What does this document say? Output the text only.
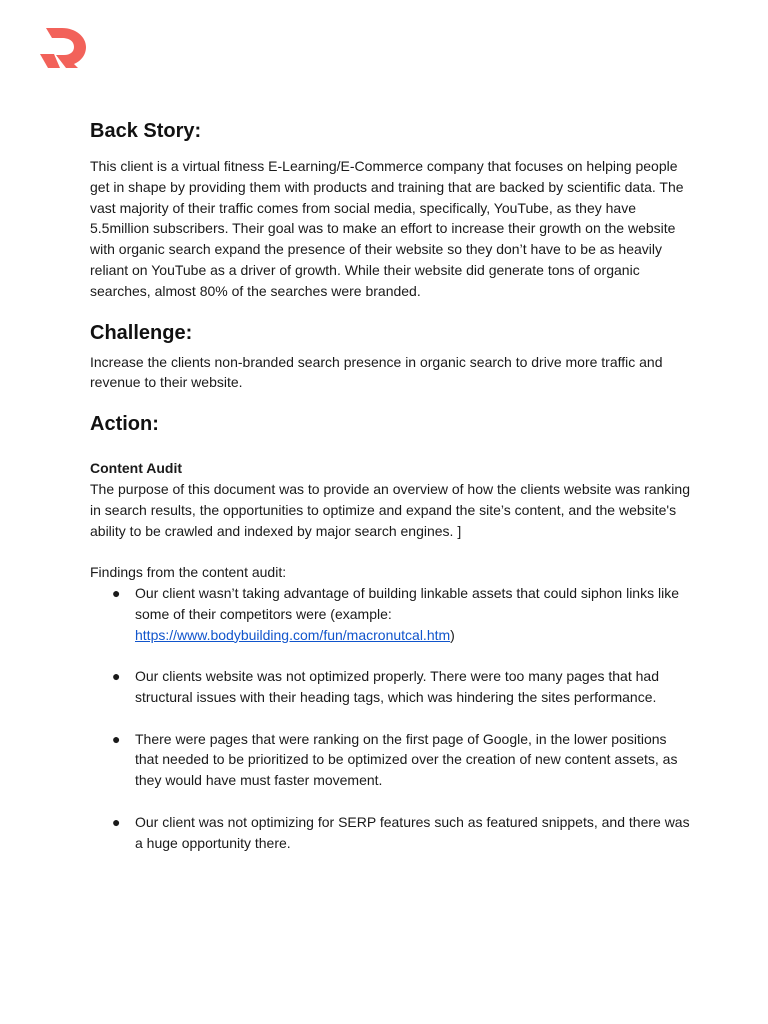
Back Story:

This client is a virtual fitness E-Learning/E-Commerce company that focuses on helping people get in shape by providing them with products and training that are backed by scientific data. The vast majority of their traffic comes from social media, specifically, YouTube, as they have 5.5million subscribers. Their goal was to make an effort to increase their growth on the website with organic search expand the presence of their website so they don’t have to be as heavily reliant on YouTube as a driver of growth. While their website did generate tons of organic searches, almost 80% of the searches were branded.

Challenge:

Increase the clients non-branded search presence in organic search to drive more traffic and revenue to their website.

Action:
Content Audit

The purpose of this document was to provide an overview of how the clients website was ranking in search results, the opportunities to optimize and expand the site’s content, and the website's ability to be crawled and indexed by major search engines. ]

Findings from the content audit:

● Our client wasn’t taking advantage of building linkable assets that could siphon links like some of their competitors were (example: https://www.bodybuilding.com/fun/macronutcal.htm)
● Our clients website was not optimized properly. There were too many pages that had structural issues with their heading tags, which was hindering the sites performance.
● There were pages that were ranking on the first page of Google, in the lower positions that needed to be prioritized to be optimized over the creation of new content assets, as they would have must faster movement.
● Our client was not optimizing for SERP features such as featured snippets, and there was a huge opportunity there.
